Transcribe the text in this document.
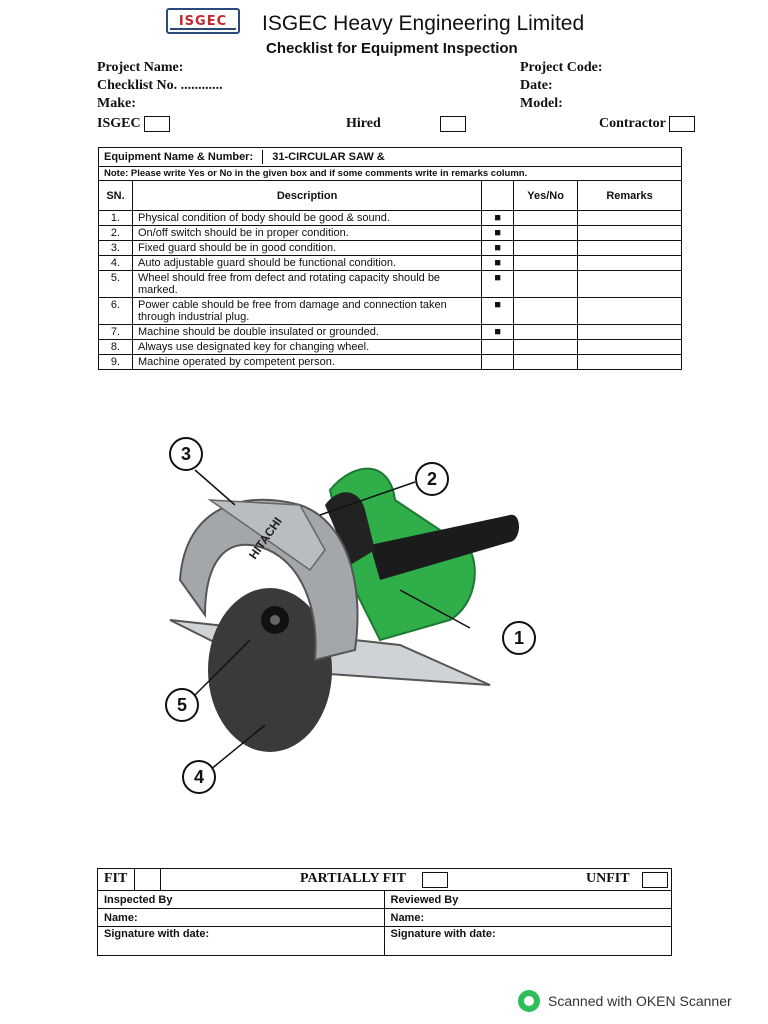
ISGEC ISGEC Heavy Engineering Limited
Checklist for Equipment Inspection
Project Name:	Project Code:
Checklist No. ............	Date:
Make:	Model:
ISGEC	Hired	Contractor
Equipment Name & Number: 31-CIRCULAR SAW &				
Note: Please write Yes or No in the given box and if some comments write in remarks column.				
SN.	Description		Yes/No	Remarks
1.	Physical condition of body should be good & sound.	■		
2.	On/off switch should be in proper condition.	■		
3.	Fixed guard should be in good condition.	■		
4.	Auto adjustable guard should be functional condition.	■		
5.	Wheel should free from defect and rotating capacity should be marked.	■		
6.	Power cable should be free from damage and connection taken through industrial plug.	■		
7.	Machine should be double insulated or grounded.	■		
8.	Always use designated key for changing wheel.			
9.	Machine operated by competent person.			
HITACHI
1
2
3
4
5
FIT PARTIALLY FIT UNFIT	

Inspected By	Reviewed By
Name:	Name:
Signature with date:	Signature with date:
Scanned with OKEN Scanner
